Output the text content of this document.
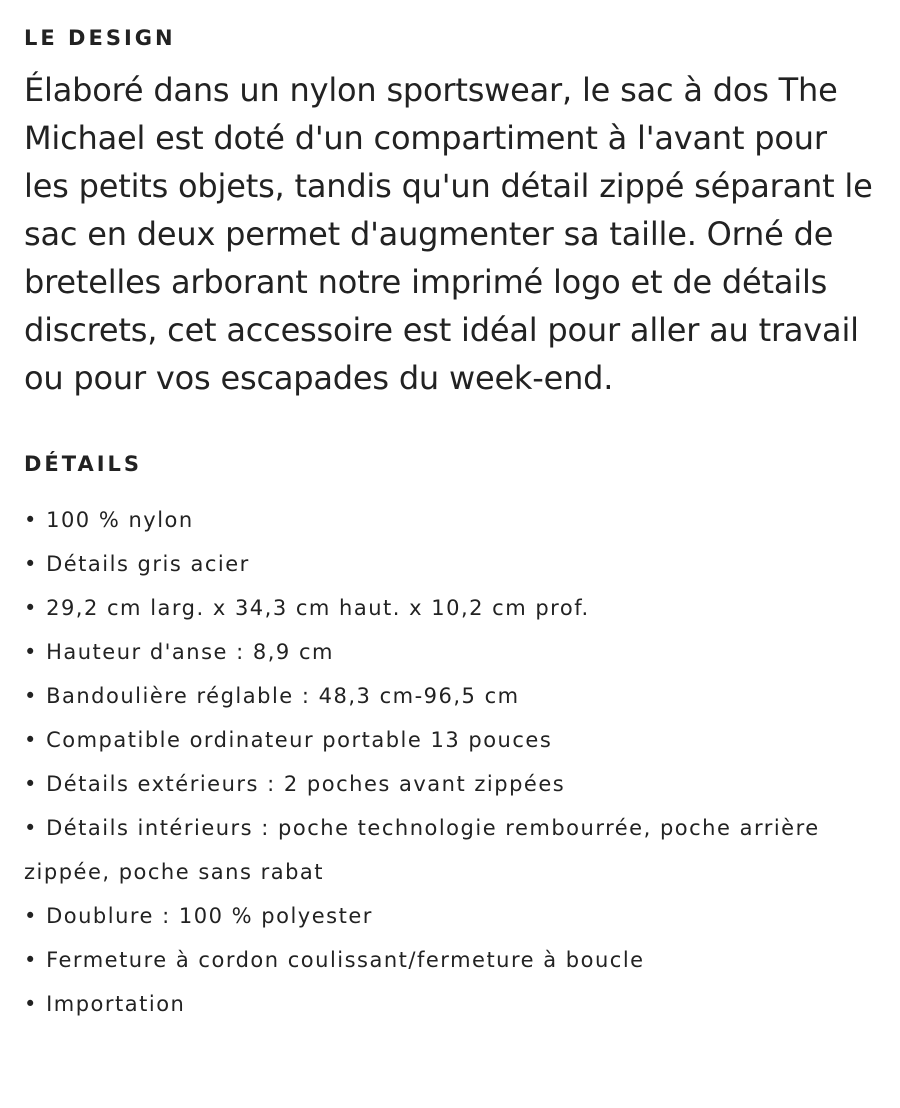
LE DESIGN

Élaboré dans un nylon sportswear, le sac à dos The Michael est doté d'un compartiment à l'avant pour les petits objets, tandis qu'un détail zippé séparant le sac en deux permet d'augmenter sa taille. Orné de bretelles arborant notre imprimé logo et de détails discrets, cet accessoire est idéal pour aller au travail ou pour vos escapades du week-end.

DÉTAILS
• 100 % nylon
• Détails gris acier
• 29,2 cm larg. x 34,3 cm haut. x 10,2 cm prof.
• Hauteur d'anse : 8,9 cm
• Bandoulière réglable : 48,3 cm-96,5 cm
• Compatible ordinateur portable 13 pouces
• Détails extérieurs : 2 poches avant zippées
• Détails intérieurs : poche technologie rembourrée, poche arrière zippée, poche sans rabat
• Doublure : 100 % polyester
• Fermeture à cordon coulissant/fermeture à boucle
• Importation
